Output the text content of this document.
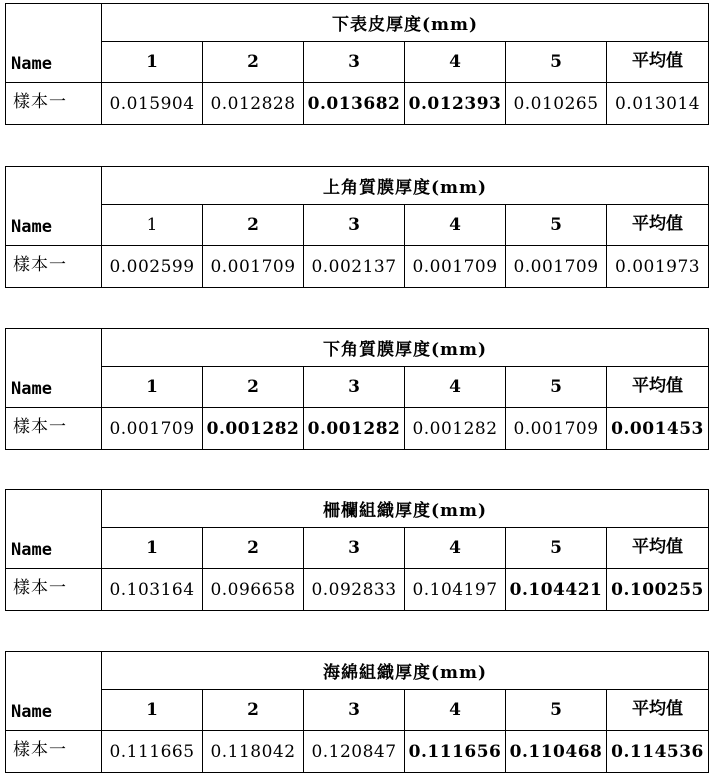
Name	下表皮厚度(mm)					
	1	2	3	4	5	平均值
樣本一	0.015904	0.012828	0.013682	0.012393	0.010265	0.013014
Name	上角質膜厚度(mm)					
	1	2	3	4	5	平均值
樣本一	0.002599	0.001709	0.002137	0.001709	0.001709	0.001973
Name	下角質膜厚度(mm)					
	1	2	3	4	5	平均值
樣本一	0.001709	0.001282	0.001282	0.001282	0.001709	0.001453
Name	柵欄組織厚度(mm)					
	1	2	3	4	5	平均值
樣本一	0.103164	0.096658	0.092833	0.104197	0.104421	0.100255
Name	海綿組織厚度(mm)					
	1	2	3	4	5	平均值
樣本一	0.111665	0.118042	0.120847	0.111656	0.110468	0.114536
